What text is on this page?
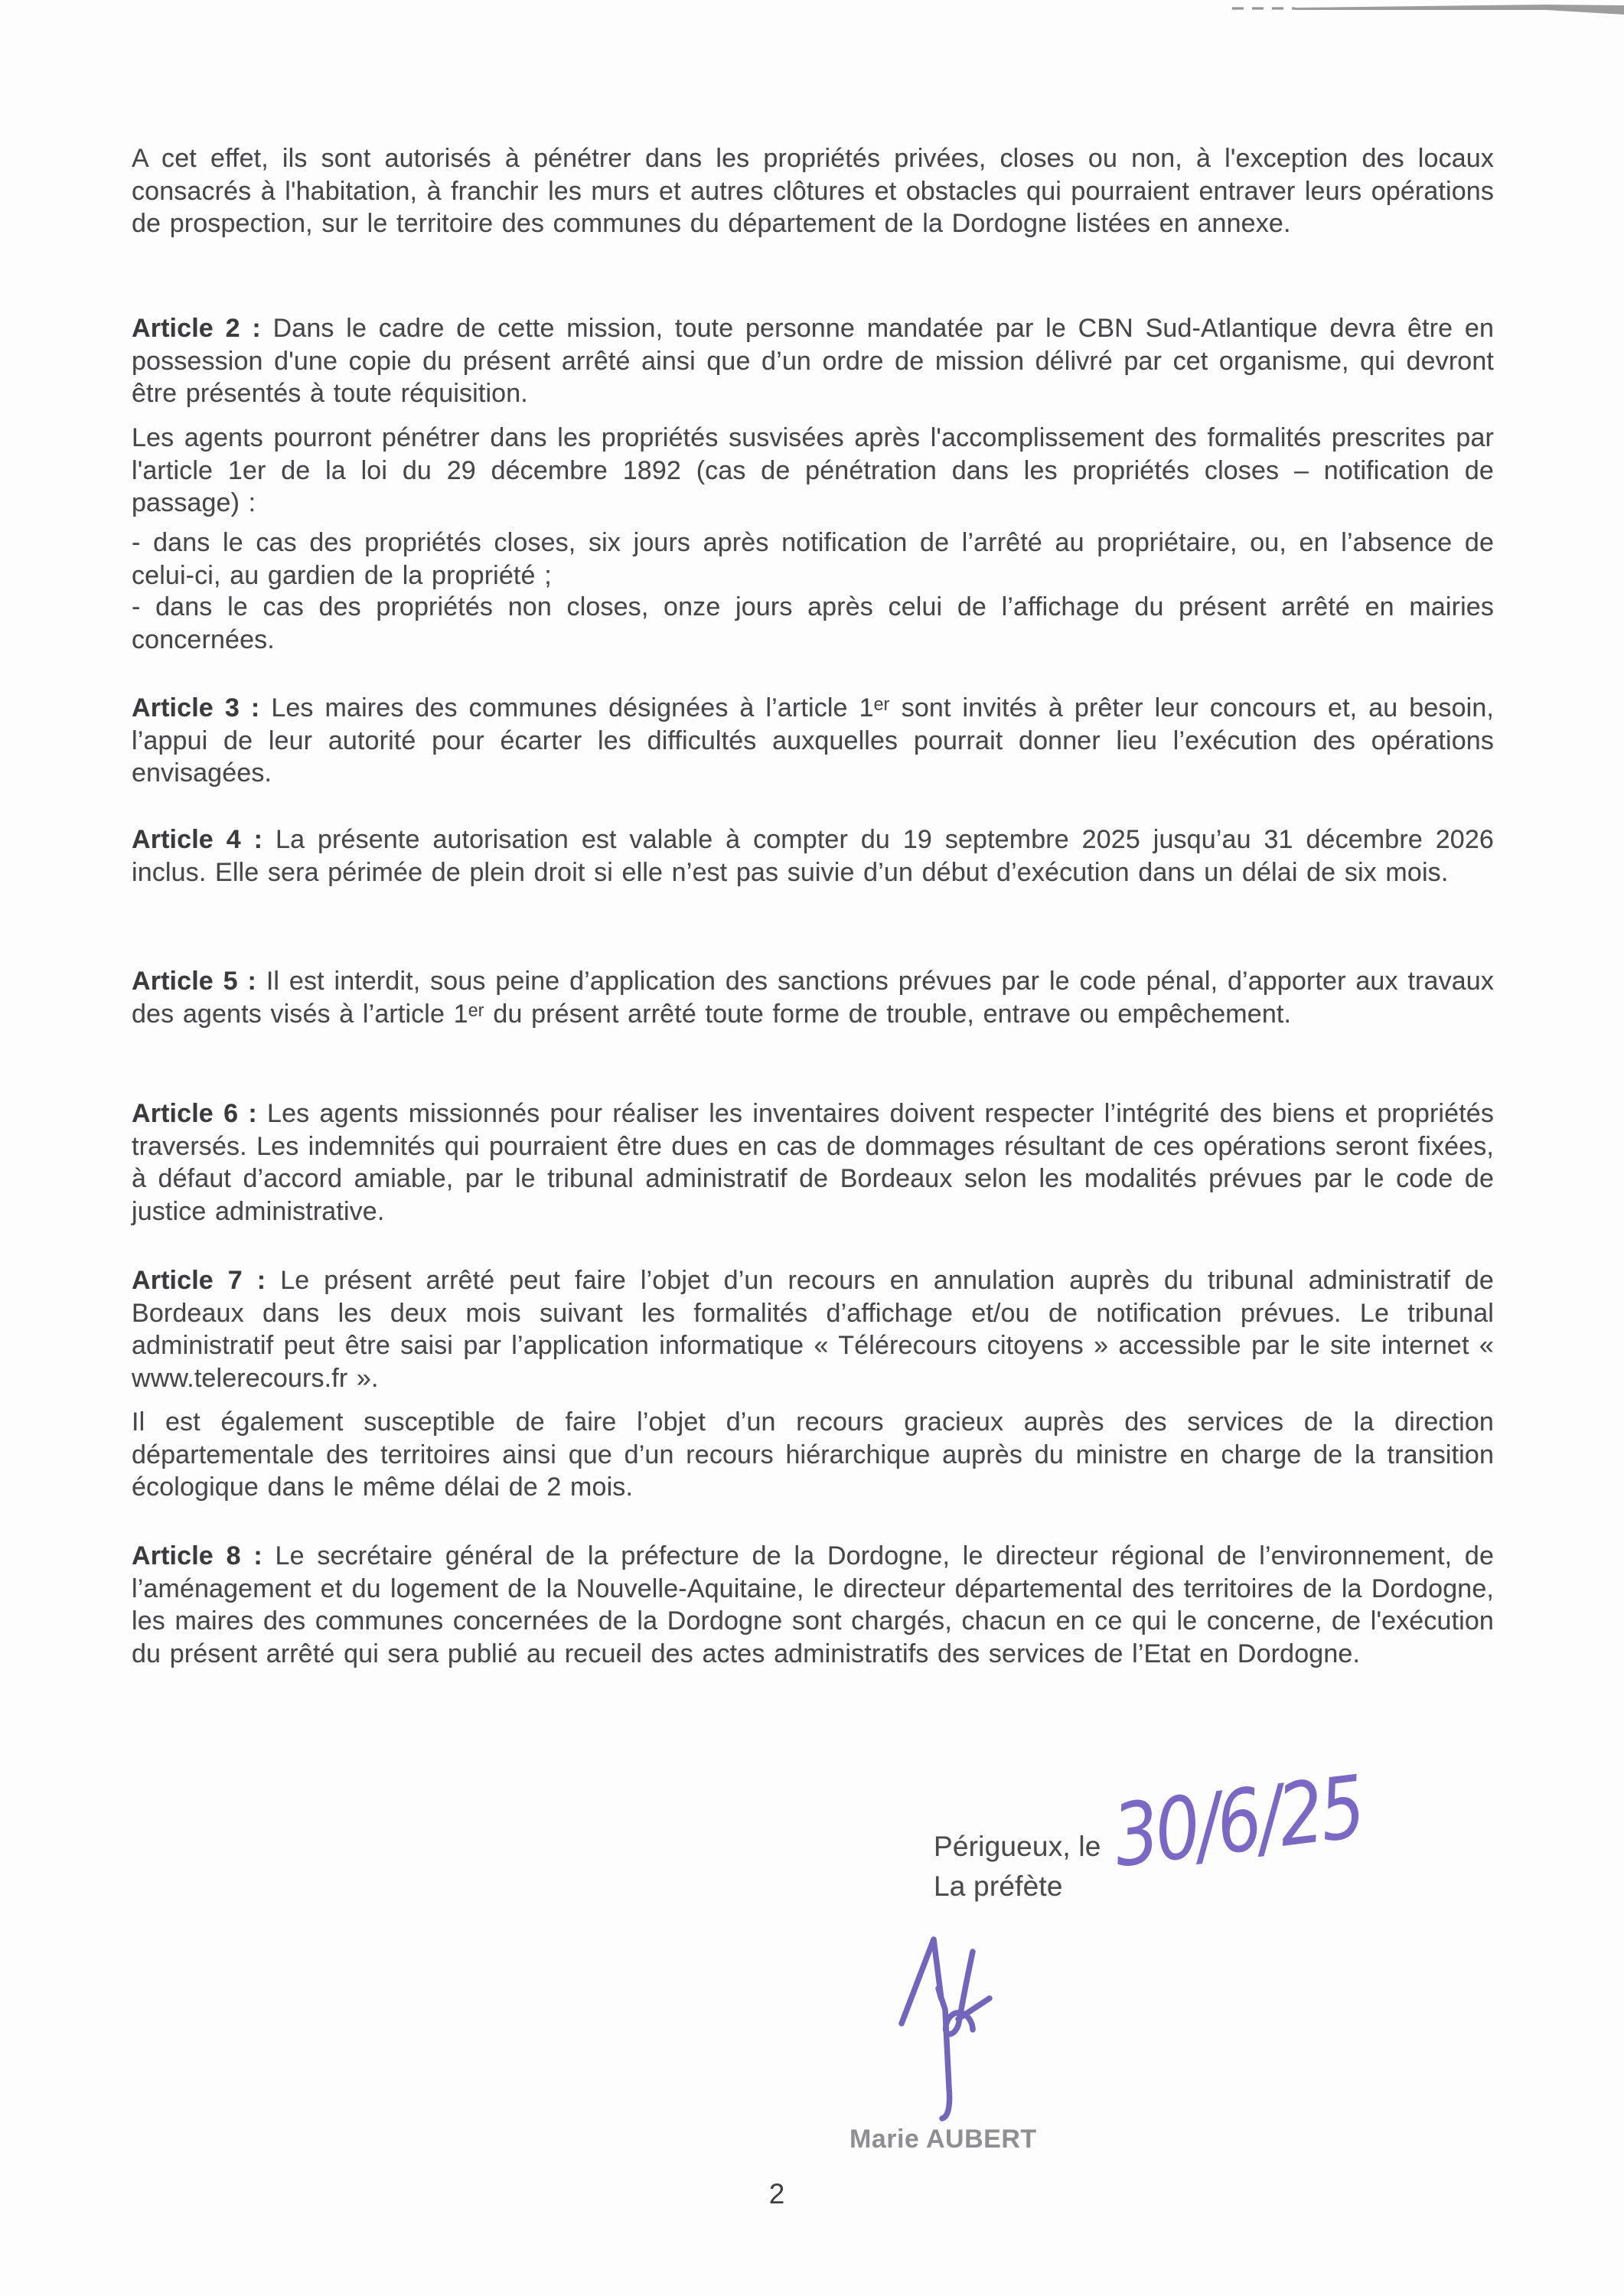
A cet effet, ils sont autorisés à pénétrer dans les propriétés privées, closes ou non, à l'exception des locaux consacrés à l'habitation, à franchir les murs et autres clôtures et obstacles qui pourraient entraver leurs opérations de prospection, sur le territoire des communes du département de la Dordogne listées en annexe.
Article 2 : Dans le cadre de cette mission, toute personne mandatée par le CBN Sud-Atlantique devra être en possession d'une copie du présent arrêté ainsi que d’un ordre de mission délivré par cet organisme, qui devront être présentés à toute réquisition.
Les agents pourront pénétrer dans les propriétés susvisées après l'accomplissement des formalités prescrites par l'article 1er de la loi du 29 décembre 1892 (cas de pénétration dans les propriétés closes – notification de passage) :
- dans le cas des propriétés closes, six jours après notification de l’arrêté au propriétaire, ou, en l’absence de celui-ci, au gardien de la propriété ;
- dans le cas des propriétés non closes, onze jours après celui de l’affichage du présent arrêté en mairies concernées.
Article 3 : Les maires des communes désignées à l’article 1ᵉʳ sont invités à prêter leur concours et, au besoin, l’appui de leur autorité pour écarter les difficultés auxquelles pourrait donner lieu l’exécution des opérations envisagées.
Article 4 : La présente autorisation est valable à compter du 19 septembre 2025 jusqu’au 31 décembre 2026 inclus. Elle sera périmée de plein droit si elle n’est pas suivie d’un début d’exécution dans un délai de six mois.
Article 5 : Il est interdit, sous peine d’application des sanctions prévues par le code pénal, d’apporter aux travaux des agents visés à l’article 1ᵉʳ du présent arrêté toute forme de trouble, entrave ou empêchement.
Article 6 : Les agents missionnés pour réaliser les inventaires doivent respecter l’intégrité des biens et propriétés traversés. Les indemnités qui pourraient être dues en cas de dommages résultant de ces opérations seront fixées, à défaut d’accord amiable, par le tribunal administratif de Bordeaux selon les modalités prévues par le code de justice administrative.
Article 7 : Le présent arrêté peut faire l’objet d’un recours en annulation auprès du tribunal administratif de Bordeaux dans les deux mois suivant les formalités d’affichage et/ou de notification prévues. Le tribunal administratif peut être saisi par l’application informatique « Télérecours citoyens » accessible par le site internet « www.telerecours.fr ».
Il est également susceptible de faire l’objet d’un recours gracieux auprès des services de la direction départementale des territoires ainsi que d’un recours hiérarchique auprès du ministre en charge de la transition écologique dans le même délai de 2 mois.
Article 8 : Le secrétaire général de la préfecture de la Dordogne, le directeur régional de l’environnement, de l’aménagement et du logement de la Nouvelle-Aquitaine, le directeur départemental des territoires de la Dordogne, les maires des communes concernées de la Dordogne sont chargés, chacun en ce qui le concerne, de l'exécution du présent arrêté qui sera publié au recueil des actes administratifs des services de l’Etat en Dordogne.
Périgueux, le
La préfète 30/6/25
Marie AUBERT
2
